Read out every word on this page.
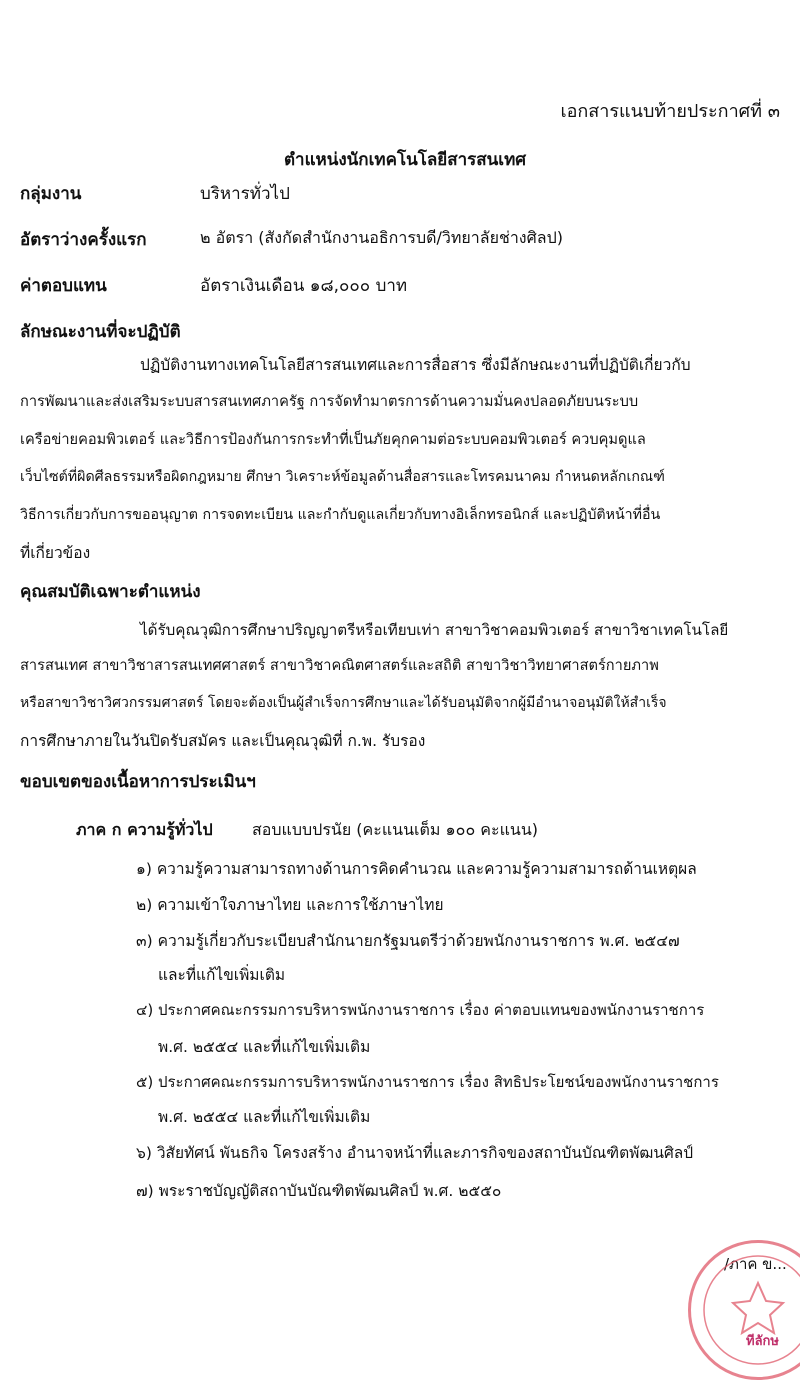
เอกสารแนบท้ายประกาศที่ ๓
ตำแหน่งนักเทคโนโลยีสารสนเทศ
กลุ่มงาน	บริหารทั่วไป
อัตราว่างครั้งแรก	๒ อัตรา (สังกัดสำนักงานอธิการบดี/วิทยาลัยช่างศิลป)
ค่าตอบแทน	อัตราเงินเดือน ๑๘,๐๐๐ บาท
ลักษณะงานที่จะปฏิบัติ
ปฏิบัติงานทางเทคโนโลยีสารสนเทศและการสื่อสาร ซึ่งมีลักษณะงานที่ปฏิบัติเกี่ยวกับ
การพัฒนาและส่งเสริมระบบสารสนเทศภาครัฐ การจัดทำมาตรการด้านความมั่นคงปลอดภัยบนระบบ
เครือข่ายคอมพิวเตอร์ และวิธีการป้องกันการกระทำที่เป็นภัยคุกคามต่อระบบคอมพิวเตอร์ ควบคุมดูแล
เว็บไซต์ที่ผิดศีลธรรมหรือผิดกฎหมาย ศึกษา วิเคราะห์ข้อมูลด้านสื่อสารและโทรคมนาคม กำหนดหลักเกณฑ์
วิธีการเกี่ยวกับการขออนุญาต การจดทะเบียน และกำกับดูแลเกี่ยวกับทางอิเล็กทรอนิกส์ และปฏิบัติหน้าที่อื่น
ที่เกี่ยวข้อง
คุณสมบัติเฉพาะตำแหน่ง
ได้รับคุณวุฒิการศึกษาปริญญาตรีหรือเทียบเท่า สาขาวิชาคอมพิวเตอร์ สาขาวิชาเทคโนโลยี
สารสนเทศ สาขาวิชาสารสนเทศศาสตร์ สาขาวิชาคณิตศาสตร์และสถิติ สาขาวิชาวิทยาศาสตร์กายภาพ
หรือสาขาวิชาวิศวกรรมศาสตร์ โดยจะต้องเป็นผู้สำเร็จการศึกษาและได้รับอนุมัติจากผู้มีอำนาจอนุมัติให้สำเร็จ
การศึกษาภายในวันปิดรับสมัคร และเป็นคุณวุฒิที่ ก.พ. รับรอง
ขอบเขตของเนื้อหาการประเมินฯ
ภาค ก ความรู้ทั่วไป สอบแบบปรนัย (คะแนนเต็ม ๑๐๐ คะแนน)
๑) ความรู้ความสามารถทางด้านการคิดคำนวณ และความรู้ความสามารถด้านเหตุผล
๒) ความเข้าใจภาษาไทย และการใช้ภาษาไทย
๓) ความรู้เกี่ยวกับระเบียบสำนักนายกรัฐมนตรีว่าด้วยพนักงานราชการ พ.ศ. ๒๕๔๗
และที่แก้ไขเพิ่มเติม
๔) ประกาศคณะกรรมการบริหารพนักงานราชการ เรื่อง ค่าตอบแทนของพนักงานราชการ
พ.ศ. ๒๕๕๔ และที่แก้ไขเพิ่มเติม
๕) ประกาศคณะกรรมการบริหารพนักงานราชการ เรื่อง สิทธิประโยชน์ของพนักงานราชการ
พ.ศ. ๒๕๕๔ และที่แก้ไขเพิ่มเติม
๖) วิสัยทัศน์ พันธกิจ โครงสร้าง อำนาจหน้าที่และภารกิจของสถาบันบัณฑิตพัฒนศิลป์
๗) พระราชบัญญัติสถาบันบัณฑิตพัฒนศิลป์ พ.ศ. ๒๕๕๐
/ภาค ข...
ทีลักษ
